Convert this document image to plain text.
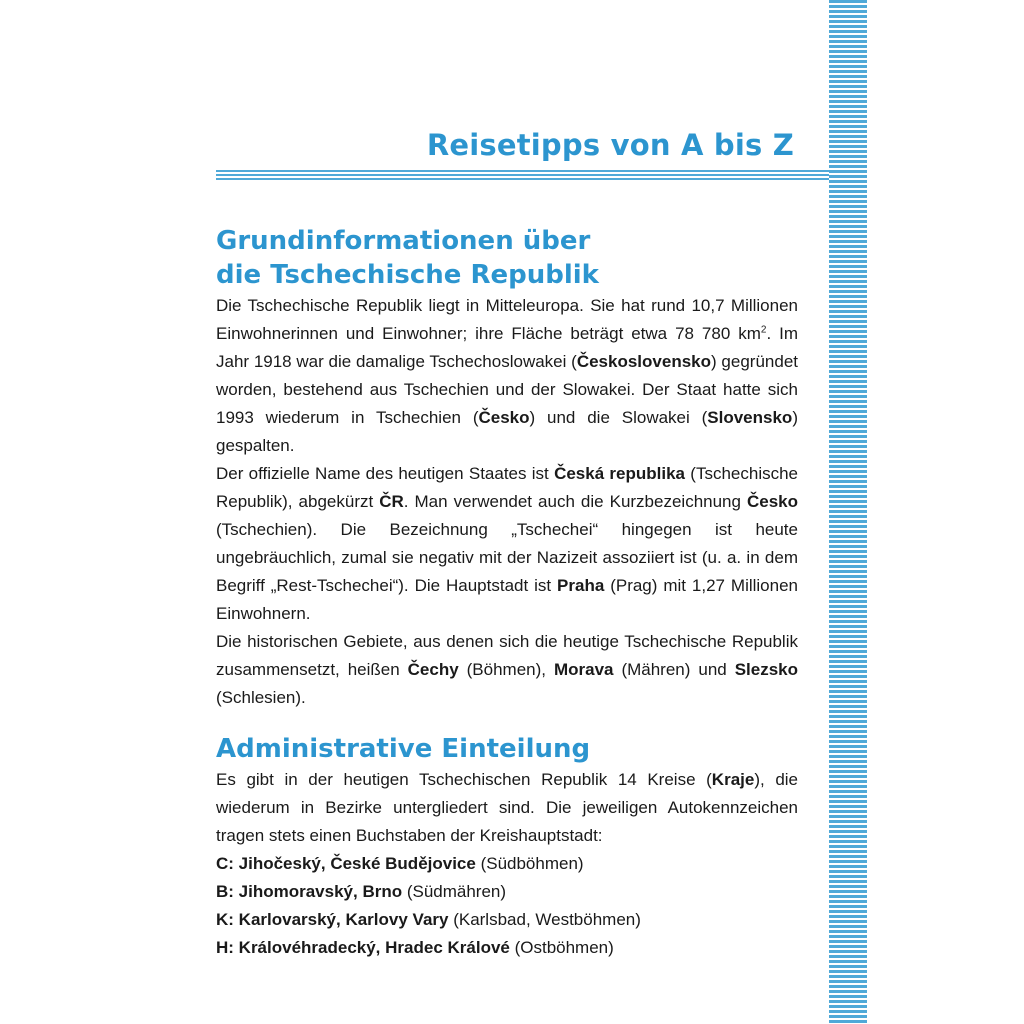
Reisetipps von A bis Z
Grundinformationen über
die Tschechische Republik

Die Tschechische Republik liegt in Mitteleuropa. Sie hat rund 10,7 Millionen Einwohnerinnen und Einwohner; ihre Fläche beträgt etwa 78 780 $km^2$. Im Jahr 1918 war die damalige Tschechoslowakei (Československo) gegründet worden, bestehend aus Tschechien und der Slowakei. Der Staat hatte sich 1993 wiederum in Tschechien (Česko) und die Slowakei (Slovensko) gespalten.

Der offizielle Name des heutigen Staates ist Česká republika (Tschechische Republik), abgekürzt ČR. Man verwendet auch die Kurzbezeichnung Česko (Tschechien). Die Bezeichnung „Tschechei“ hingegen ist heute ungebräuchlich, zumal sie negativ mit der Nazizeit assoziiert ist (u. a. in dem Begriff „Rest-Tschechei“). Die Hauptstadt ist Praha (Prag) mit 1,27 Millionen Einwohnern.

Die historischen Gebiete, aus denen sich die heutige Tschechische Republik zusammensetzt, heißen Čechy (Böhmen), Morava (Mähren) und Slezsko (Schlesien).

Administrative Einteilung

Es gibt in der heutigen Tschechischen Republik 14 Kreise (Kraje), die wiederum in Bezirke untergliedert sind. Die jeweiligen Autokennzeichen tragen stets einen Buchstaben der Kreishauptstadt:

C: Jihočeský, České Budějovice (Südböhmen)
B: Jihomoravský, Brno (Südmähren)
K: Karlovarský, Karlovy Vary (Karlsbad, Westböhmen)
H: Královéhradecký, Hradec Králové (Ostböhmen)
